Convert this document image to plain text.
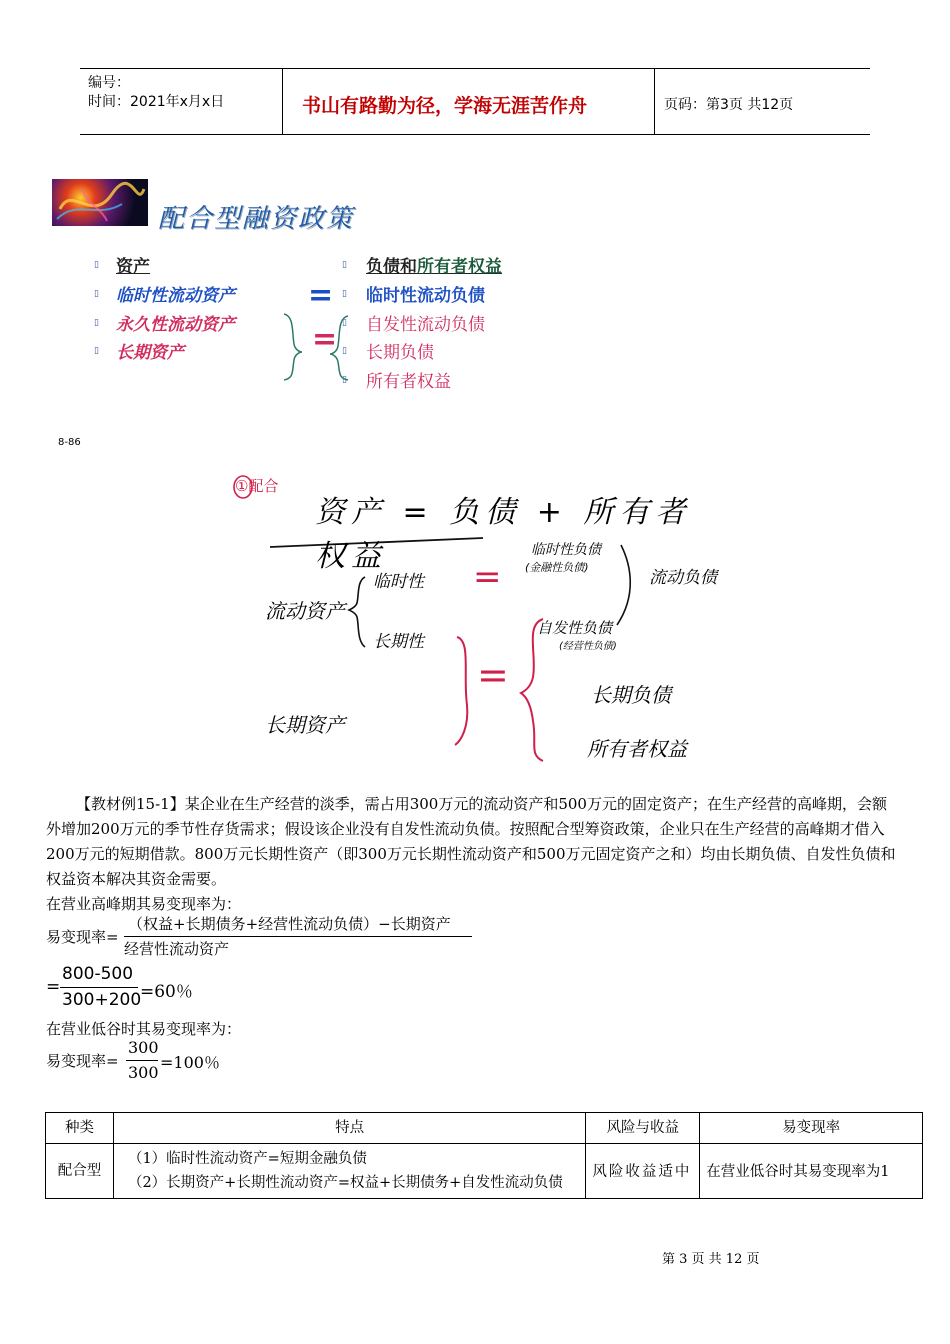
编号：
时间：2021年x月x日	书山有路勤为径，学海无涯苦作舟	页码：第3页 共12页
配合型融资政策
▯ 资产
▯ 临时性流动资产
▯ 永久性流动资产
▯ 长期资产
=
=
▯ 负债和所有者权益
▯ 临时性流动负债
▯ 自发性流动负债
▯ 长期负债
▯ 所有者权益
8-86
①配合
资产 = 负债 + 所有者权益
流动资产
临时性
长期性
=
=
临时性负债
(金融性负债)
流动负债
自发性负债
(经营性负债)
长期负债
长期资产
所有者权益
【教材例15-1】某企业在生产经营的淡季，需占用300万元的流动资产和500万元的固定资产；在生产经营的高峰期，会额外增加200万元的季节性存货需求；假设该企业没有自发性流动负债。按照配合型筹资政策，企业只在生产经营的高峰期才借入200万元的短期借款。800万元长期性资产（即300万元长期性流动资产和500万元固定资产之和）均由长期负债、自发性负债和权益资本解决其资金需要。
在营业高峰期其易变现率为：
易变现率=
（权益+长期债务+经营性流动负债）−长期资产
经营性流动资产
=
800-500
300+200
=60％
在营业低谷时其易变现率为：
易变现率=
300
300
=100％
种类	特点	风险与收益	易变现率
配合型	（1）临时性流动资产=短期金融负债
（2）长期资产+长期性流动资产=权益+长期债务+自发性流动负债	风险收益适中	在营业低谷时其易变现率为1
第 3 页 共 12 页
